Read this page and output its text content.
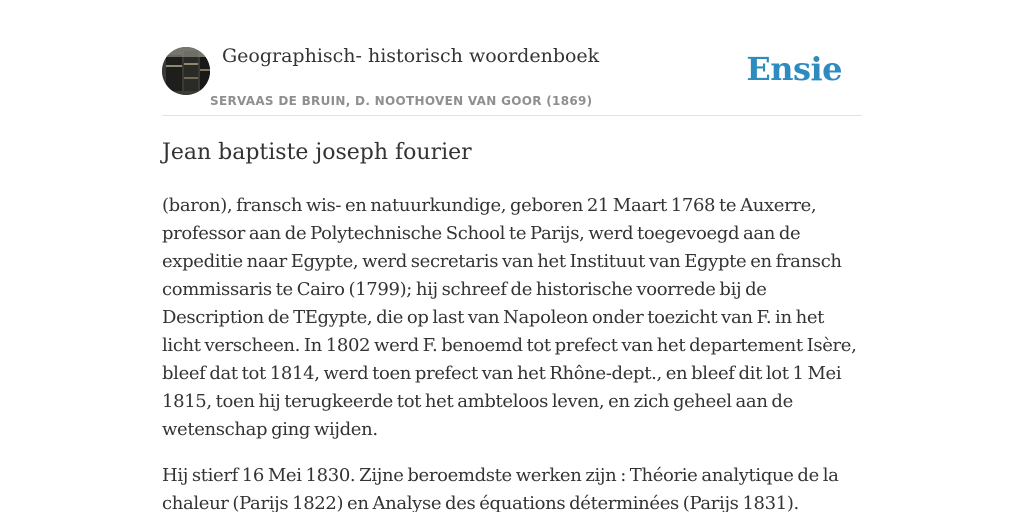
Geographisch- historisch woordenboek
SERVAAS DE BRUIN, D. NOOTHOVEN VAN GOOR (1869)
Ensie
Jean baptiste joseph fourier

(baron), fransch wis- en natuurkundige, geboren 21 Maart 1768 te Auxerre, professor aan de Polytechnische School te Parijs, werd toegevoegd aan de expeditie naar Egypte, werd secretaris van het Instituut van Egypte en fransch commissaris te Cairo (1799); hij schreef de historische voorrede bij de Description de TEgypte, die op last van Napoleon onder toezicht van F. in het licht verscheen. In 1802 werd F. benoemd tot prefect van het departement Isère, bleef dat tot 1814, werd toen prefect van het Rhône-dept., en bleef dit lot 1 Mei 1815, toen hij terugkeerde tot het ambteloos leven, en zich geheel aan de wetenschap ging wijden.

Hij stierf 16 Mei 1830. Zijne beroemdste werken zijn : Théorie analytique de la chaleur (Parijs 1822) en Analyse des équations déterminées (Parijs 1831).
